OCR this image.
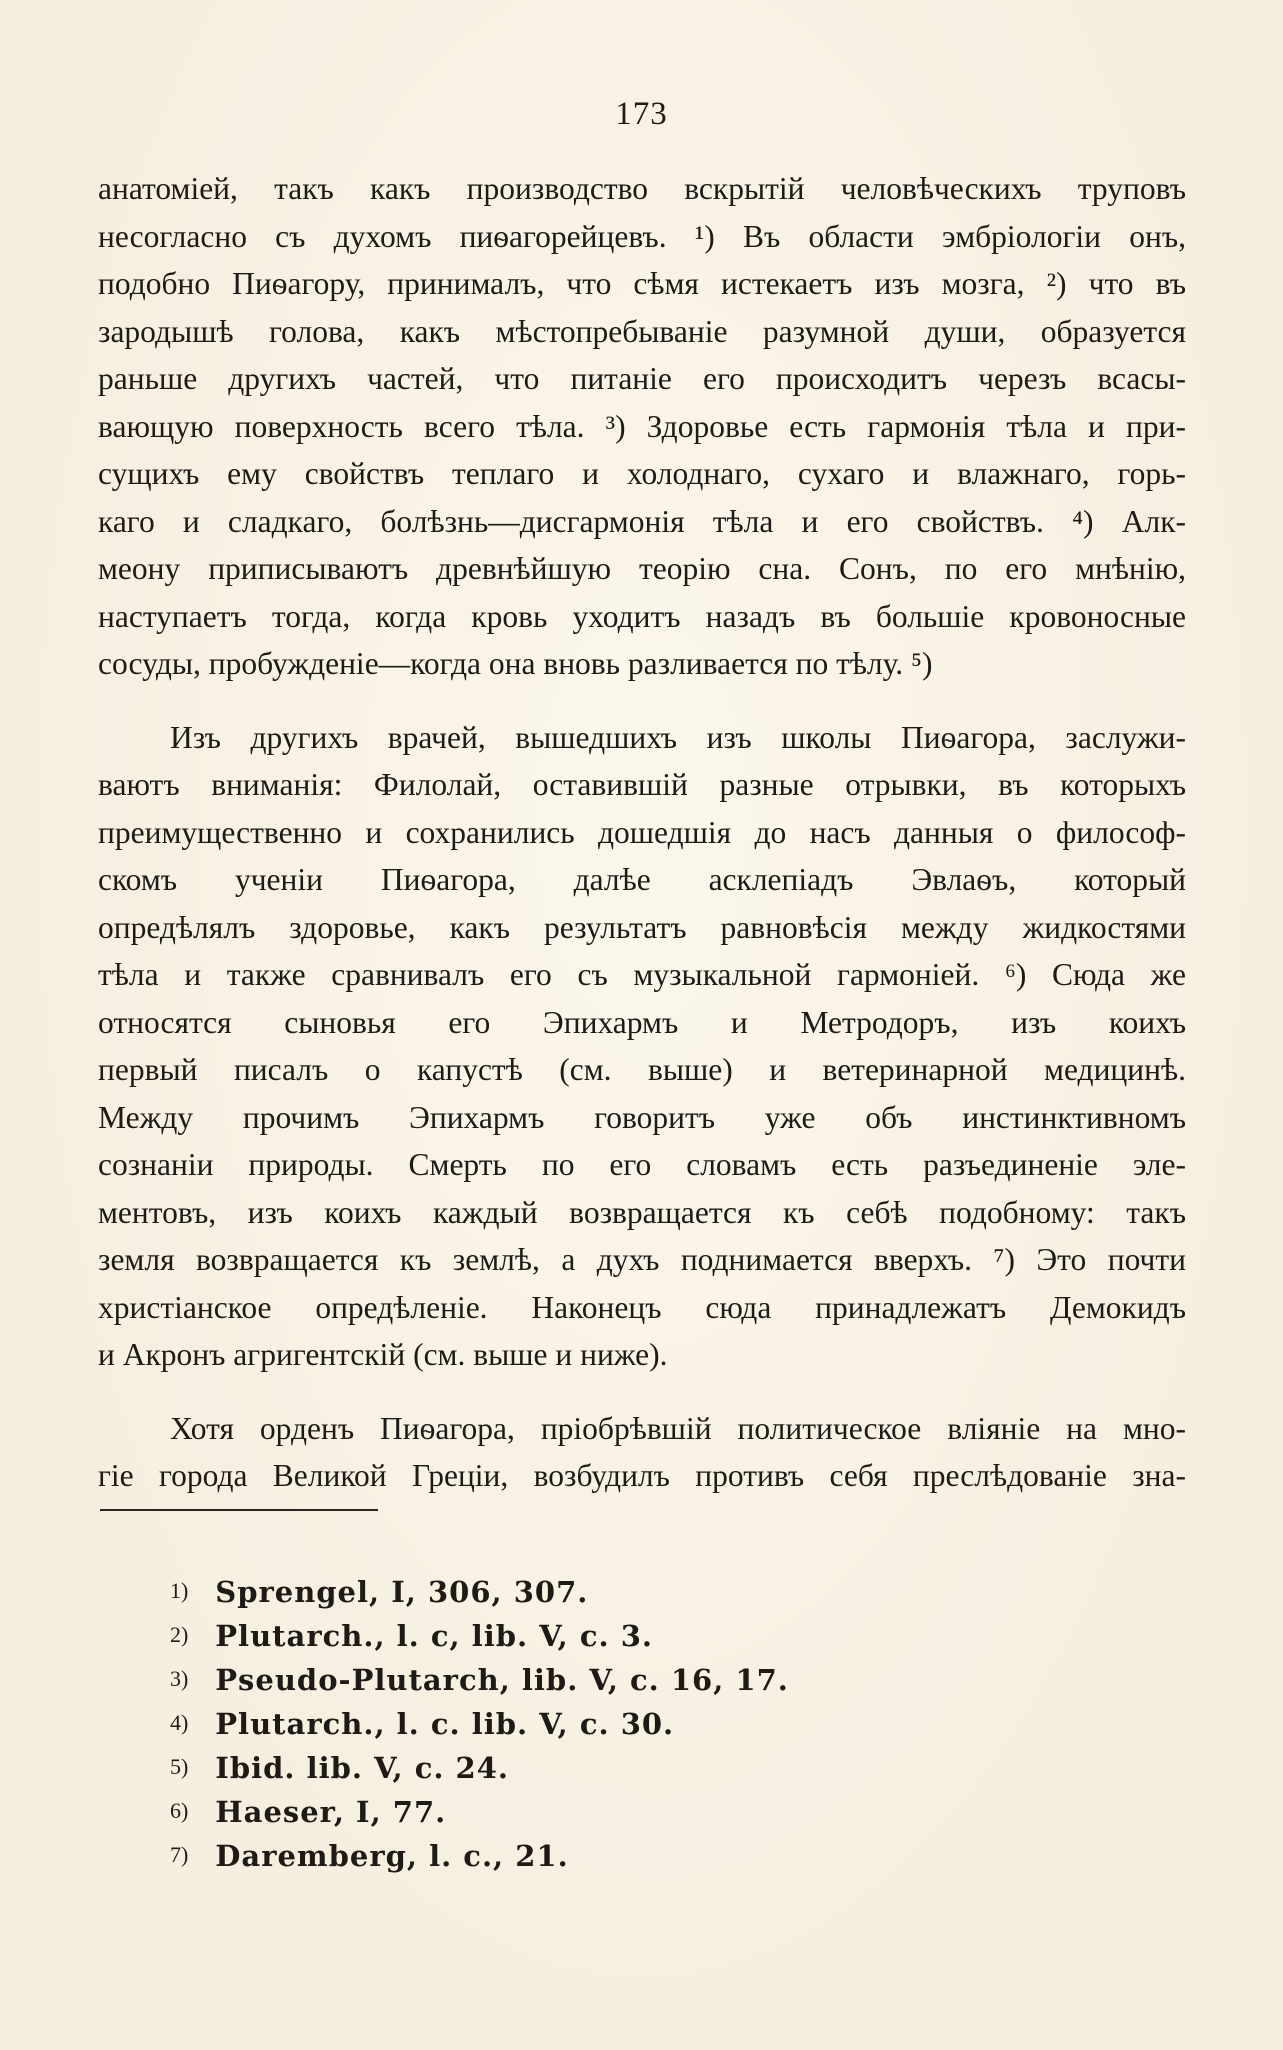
173

анатоміей, такъ какъ производство вскрытій человѣческихъ труповъ
несогласно съ духомъ пиѳагорейцевъ. ¹) Въ области эмбріологіи онъ,
подобно Пиѳагору, принималъ, что сѣмя истекаетъ изъ мозга, ²) что въ
зародышѣ голова, какъ мѣстопребываніе разумной души, образуется
раньше другихъ частей, что питаніе его происходитъ черезъ всасы-
вающую поверхность всего тѣла. ³) Здоровье есть гармонія тѣла и при-
сущихъ ему свойствъ теплаго и холоднаго, сухаго и влажнаго, горь-
каго и сладкаго, болѣзнь—дисгармонія тѣла и его свойствъ. ⁴) Алк-
меону приписываютъ древнѣйшую теорію сна. Сонъ, по его мнѣнію,
наступаетъ тогда, когда кровь уходитъ назадъ въ большіе кровоносные
сосуды, пробужденіе—когда она вновь разливается по тѣлу. ⁵)

Изъ другихъ врачей, вышедшихъ изъ школы Пиѳагора, заслужи-
ваютъ вниманія: Филолай, оставившій разные отрывки, въ которыхъ
преимущественно и сохранились дошедшія до насъ данныя о философ-
скомъ ученіи Пиѳагора, далѣе асклепіадъ Эвлаѳъ, который
опредѣлялъ здоровье, какъ результатъ равновѣсія между жидкостями
тѣла и также сравнивалъ его съ музыкальной гармоніей. ⁶) Сюда же
относятся сыновья его Эпихармъ и Метродоръ, изъ коихъ
первый писалъ о капустѣ (см. выше) и ветеринарной медицинѣ.
Между прочимъ Эпихармъ говоритъ уже объ инстинктивномъ
сознаніи природы. Смерть по его словамъ есть разъединеніе эле-
ментовъ, изъ коихъ каждый возвращается къ себѣ подобному: такъ
земля возвращается къ землѣ, а духъ поднимается вверхъ. ⁷) Это почти
христіанское опредѣленіе. Наконецъ сюда принадлежатъ Демокидъ
и Акронъ агригентскій (см. выше и ниже).

Хотя орденъ Пиѳагора, пріобрѣвшій политическое вліяніе на мно-
гіе города Великой Греціи, возбудилъ противъ себя преслѣдованіе зна-

1) Sprengel, I, 306, 307.
2) Plutarch., l. c, lib. V, c. 3.
3) Pseudo-Plutarch, lib. V, c. 16, 17.
4) Plutarch., l. c. lib. V, c. 30.
5) Ibid. lib. V, c. 24.
6) Haeser, I, 77.
7) Daremberg, l. c., 21.
